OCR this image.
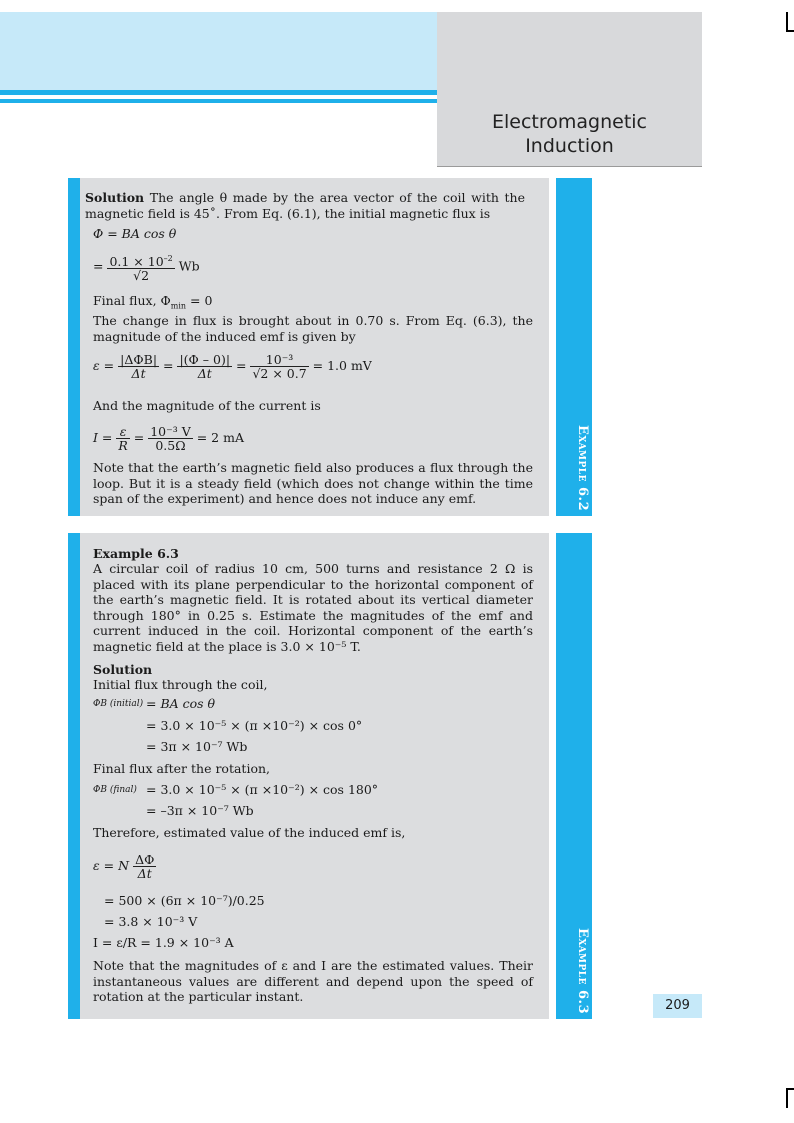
Electromagnetic
Induction
Example 6.2
Solution The angle θ made by the area vector of the coil with the magnetic field is 45˚. From Eq. (6.1), the initial magnetic flux is
Φ = BA cos θ
= $\frac{0.1 \times 10^{-2}}{√2}$ Wb
Final flux, $\Phi_{min} = 0$
The change in flux is brought about in 0.70 s. From Eq. (6.3), the magnitude of the induced emf is given by
$\varepsilon = \frac{\text{|ΔΦB|}}{\Delta t} = \frac{|(\Phi - 0)|}{\Delta t} = \frac{\text{10⁻³}}{√2 \times 0.7} = 1.0$ mV
And the magnitude of the current is
$I = \frac{\varepsilon}{R} = \frac{\text{10⁻³ V}}{0.5\Omega} = 2$ mA
Note that the earth’s magnetic field also produces a flux through the loop. But it is a steady field (which does not change within the time span of the experiment) and hence does not induce any emf.
Example 6.3
Example 6.3
A circular coil of radius 10 cm, 500 turns and resistance 2 Ω is placed with its plane perpendicular to the horizontal component of the earth’s magnetic field. It is rotated about its vertical diameter through 180° in 0.25 s. Estimate the magnitudes of the emf and current induced in the coil. Horizontal component of the earth’s magnetic field at the place is 3.0 × 10⁻⁵ T.
Solution
Initial flux through the coil,
ΦB (initial) = BA cos θ
= 3.0 × 10⁻⁵ × (π ×10⁻²) × cos 0°
= 3π × 10⁻⁷ Wb
Final flux after the rotation,
ΦB (final) = 3.0 × 10⁻⁵ × (π ×10⁻²) × cos 180°
= –3π × 10⁻⁷ Wb
Therefore, estimated value of the induced emf is,
ε = N $\frac{\Delta\Phi}{\Delta t}$
= 500 × (6π × 10⁻⁷)/0.25
= 3.8 × 10⁻³ V
I = ε/R = 1.9 × 10⁻³ A
Note that the magnitudes of ε and I are the estimated values. Their instantaneous values are different and depend upon the speed of rotation at the particular instant.
209
